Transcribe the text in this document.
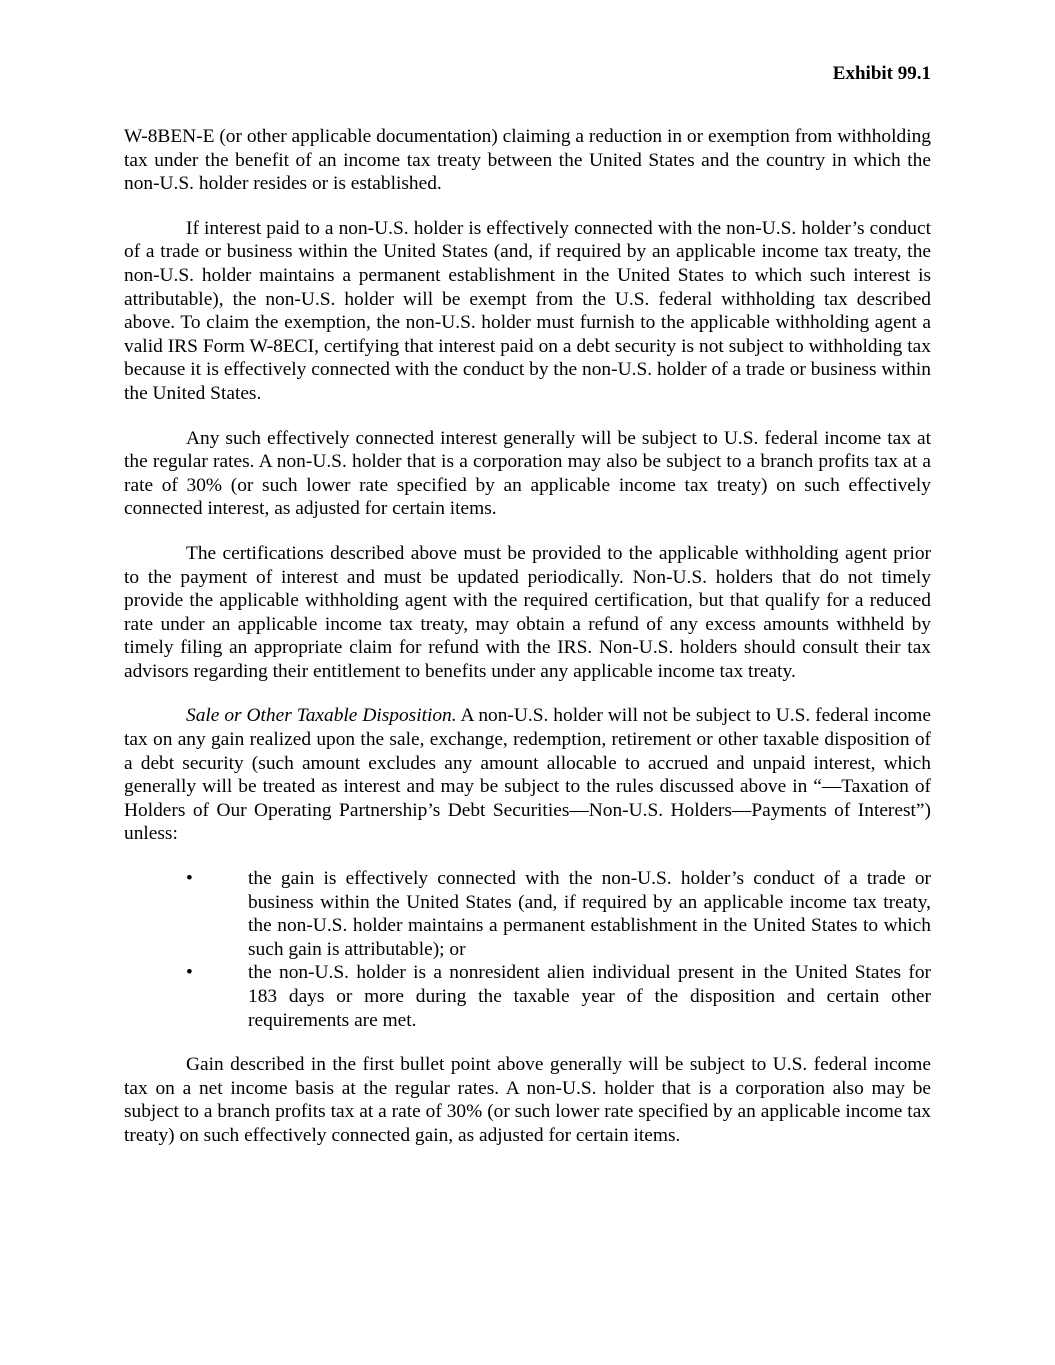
Exhibit 99.1

W-8BEN-E (or other applicable documentation) claiming a reduction in or exemption from withholding tax under the benefit of an income tax treaty between the United States and the country in which the non-U.S. holder resides or is established.

If interest paid to a non-U.S. holder is effectively connected with the non-U.S. holder’s conduct of a trade or business within the United States (and, if required by an applicable income tax treaty, the non-U.S. holder maintains a permanent establishment in the United States to which such interest is attributable), the non-U.S. holder will be exempt from the U.S. federal withholding tax described above. To claim the exemption, the non-U.S. holder must furnish to the applicable withholding agent a valid IRS Form W-8ECI, certifying that interest paid on a debt security is not subject to withholding tax because it is effectively connected with the conduct by the non-U.S. holder of a trade or business within the United States.

Any such effectively connected interest generally will be subject to U.S. federal income tax at the regular rates. A non-U.S. holder that is a corporation may also be subject to a branch profits tax at a rate of 30% (or such lower rate specified by an applicable income tax treaty) on such effectively connected interest, as adjusted for certain items.

The certifications described above must be provided to the applicable withholding agent prior to the payment of interest and must be updated periodically. Non-U.S. holders that do not timely provide the applicable withholding agent with the required certification, but that qualify for a reduced rate under an applicable income tax treaty, may obtain a refund of any excess amounts withheld by timely filing an appropriate claim for refund with the IRS. Non-U.S. holders should consult their tax advisors regarding their entitlement to benefits under any applicable income tax treaty.

Sale or Other Taxable Disposition. A non-U.S. holder will not be subject to U.S. federal income tax on any gain realized upon the sale, exchange, redemption, retirement or other taxable disposition of a debt security (such amount excludes any amount allocable to accrued and unpaid interest, which generally will be treated as interest and may be subject to the rules discussed above in “—Taxation of Holders of Our Operating Partnership’s Debt Securities—Non-U.S. Holders—Payments of Interest”) unless:

•	the gain is effectively connected with the non-U.S. holder’s conduct of a trade or business within the United States (and, if required by an applicable income tax treaty, the non-U.S. holder maintains a permanent establishment in the United States to which such gain is attributable); or
•	the non-U.S. holder is a nonresident alien individual present in the United States for 183 days or more during the taxable year of the disposition and certain other requirements are met.

Gain described in the first bullet point above generally will be subject to U.S. federal income tax on a net income basis at the regular rates. A non-U.S. holder that is a corporation also may be subject to a branch profits tax at a rate of 30% (or such lower rate specified by an applicable income tax treaty) on such effectively connected gain, as adjusted for certain items.
